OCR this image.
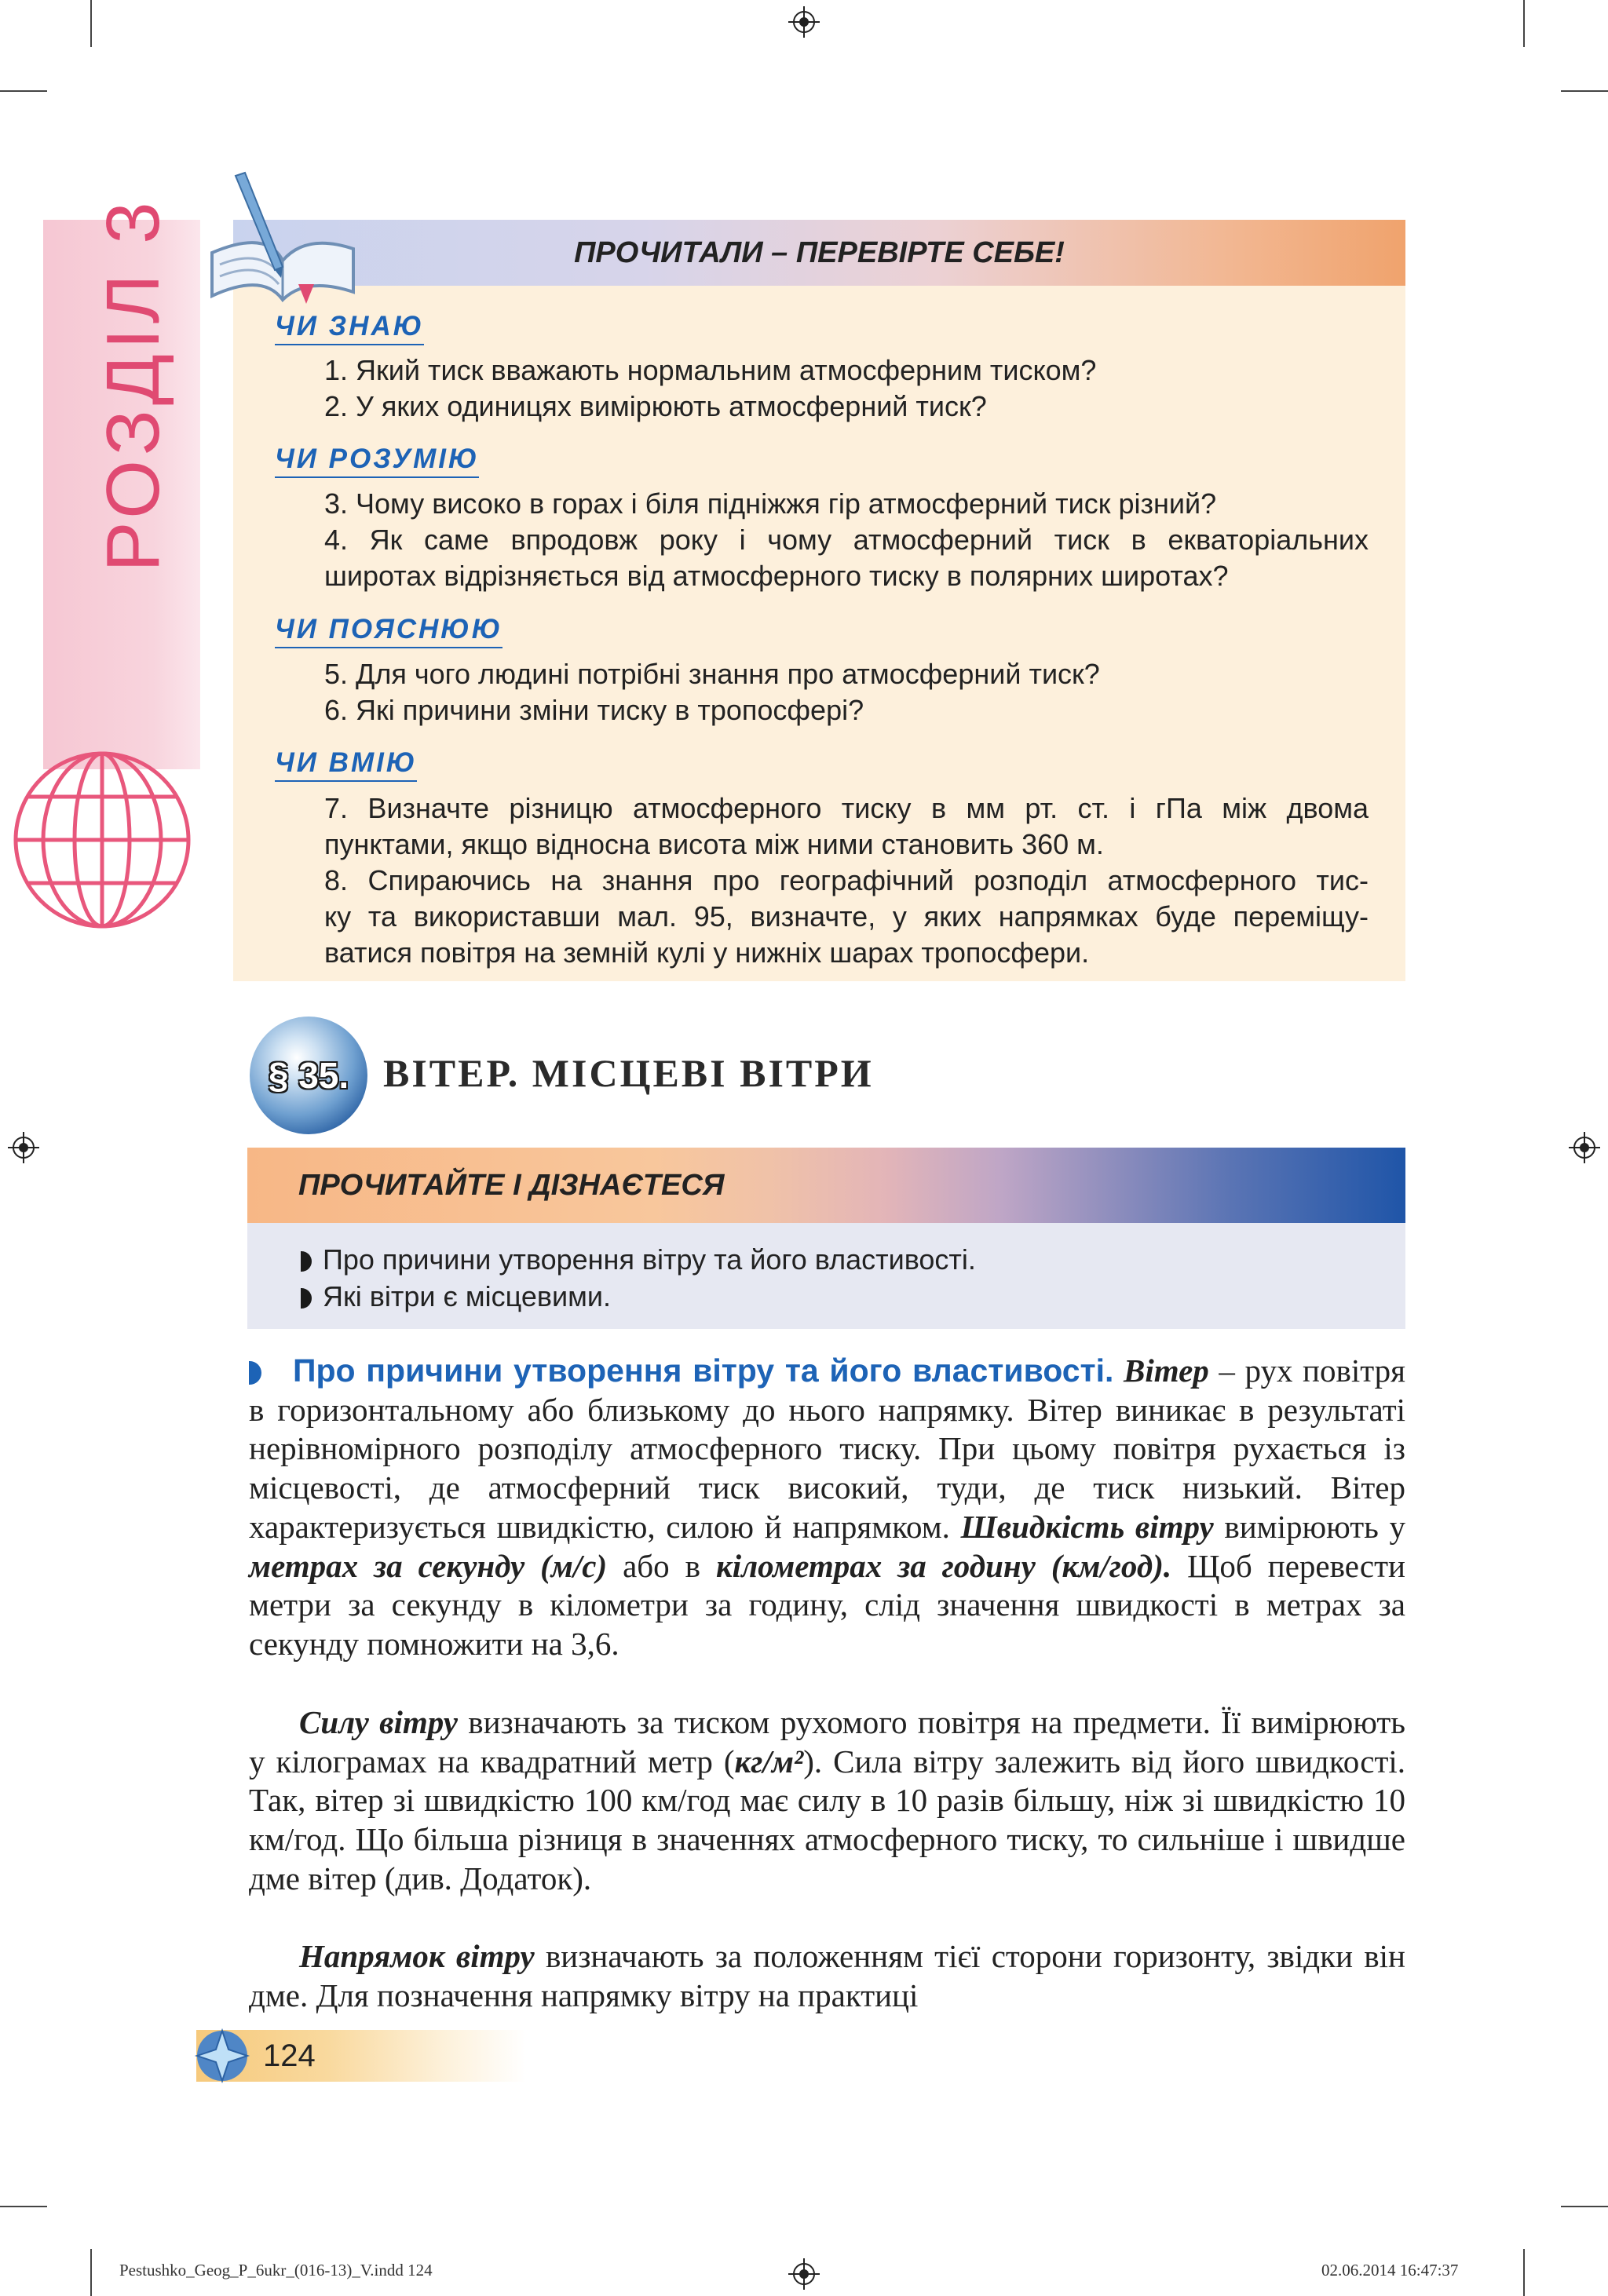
РОЗДІЛ 3	ПРОЧИТАЛИ – ПЕРЕВІРТЕ СЕБЕ!
ЧИ ЗНАЮ
1. Який тиск вважають нормальним атмосферним тиском?
2. У яких одиницях вимірюють атмосферний тиск?
ЧИ РОЗУМІЮ
3. Чому високо в горах і біля підніжжя гір атмосферний тиск різний?
4. Як саме впродовж року і чому атмосферний тиск в екваторіальних
широтах відрізняється від атмосферного тиску в полярних широтах?
ЧИ ПОЯСНЮЮ
5. Для чого людині потрібні знання про атмосферний тиск?
6. Які причини зміни тиску в тропосфері?
ЧИ ВМІЮ
7. Визначте різницю атмосферного тиску в мм рт. ст. і гПа між двома
пунктами, якщо відносна висота між ними становить 360 м.
8. Спираючись на знання про географічний розподіл атмосферного тис-
ку та використавши мал. 95, визначте, у яких напрямках буде переміщу-
ватися повітря на земній кулі у нижніх шарах тропосфери.
§ 35. ВІТЕР. МІСЦЕВІ ВІТРИ
ПРОЧИТАЙТЕ І ДІЗНАЄТЕСЯ
Про причини утворення вітру та його властивості.
Які вітри є місцевими.
Про причини утворення вітру та його властивості. Вітер – рух повітря в горизонтальному або близькому до нього напрямку. Вітер виникає в результаті нерівномірного розподілу атмосферного тиску. При цьому повітря рухається із місцевості, де атмосферний тиск високий, туди, де тиск низький. Вітер характеризується швидкістю, силою й напрямком. Швидкість вітру вимірюють у метрах за секунду (м/с) або в кілометрах за годину (км/год). Щоб перевести метри за секунду в кілометри за годину, слід значення швидкості в метрах за секунду помножити на 3,6.
Силу вітру визначають за тиском рухомого повітря на предмети. Її вимірюють у кілограмах на квадратний метр (кг/м²). Сила вітру залежить від його швидкості. Так, вітер зі швидкістю 100 км/год має силу в 10 разів більшу, ніж зі швидкістю 10 км/год. Що більша різниця в значеннях атмосферного тиску, то сильніше і швидше дме вітер (див. Додаток).
Напрямок вітру визначають за положенням тієї сторони горизонту, звідки він дме. Для позначення напрямку вітру на практиці
124
Pestushko_Geog_P_6ukr_(016-13)_V.indd 124	02.06.2014 16:47:37
